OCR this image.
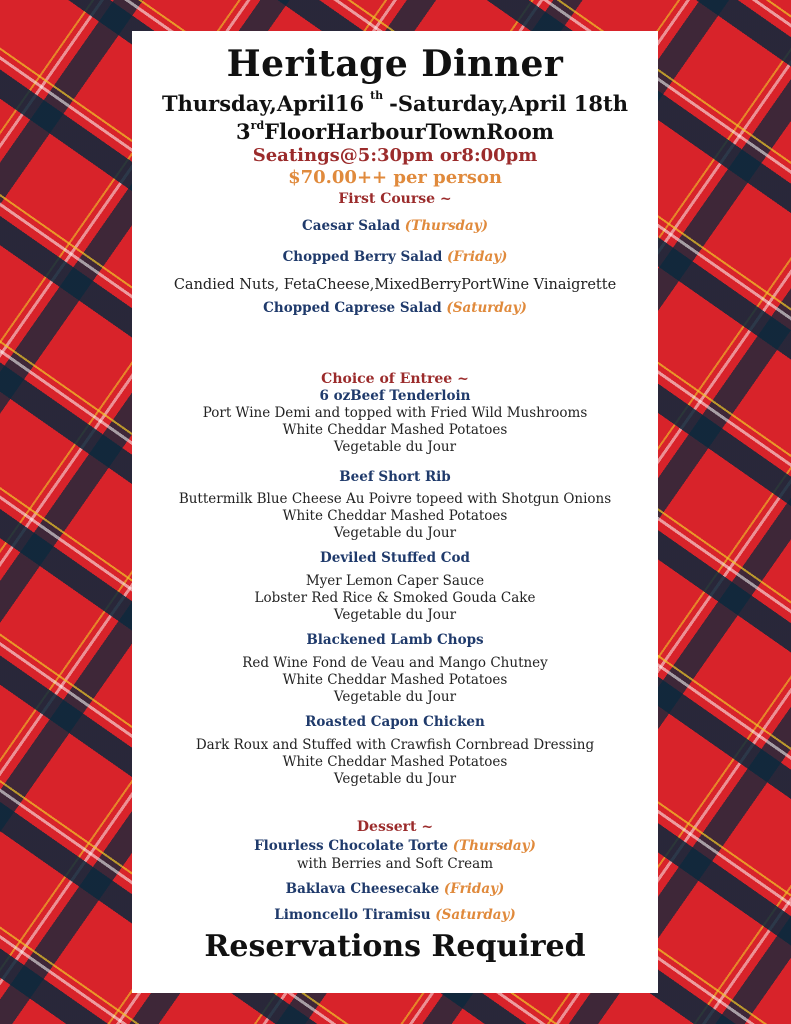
Heritage Dinner
Thursday,April16 $^{th}$ -Saturday,April 18th
3rdFloorHarbourTownRoom
Seatings@5:30pm or8:00pm
$70.00++ per person
First Course ~
Caesar Salad (Thursday)
Chopped Berry Salad (Friday)
Candied Nuts, FetaCheese,MixedBerryPortWine Vinaigrette
Chopped Caprese Salad (Saturday)
Choice of Entree ~
6 ozBeef Tenderloin
Port Wine Demi and topped with Fried Wild Mushrooms
White Cheddar Mashed Potatoes
Vegetable du Jour
Beef Short Rib
Buttermilk Blue Cheese Au Poivre topeed with Shotgun Onions
White Cheddar Mashed Potatoes
Vegetable du Jour
Deviled Stuffed Cod
Myer Lemon Caper Sauce
Lobster Red Rice & Smoked Gouda Cake
Vegetable du Jour
Blackened Lamb Chops
Red Wine Fond de Veau and Mango Chutney
White Cheddar Mashed Potatoes
Vegetable du Jour
Roasted Capon Chicken
Dark Roux and Stuffed with Crawfish Cornbread Dressing
White Cheddar Mashed Potatoes
Vegetable du Jour
Dessert ~
Flourless Chocolate Torte (Thursday)
with Berries and Soft Cream
Baklava Cheesecake (Friday)
Limoncello Tiramisu (Saturday)
Reservations Required
